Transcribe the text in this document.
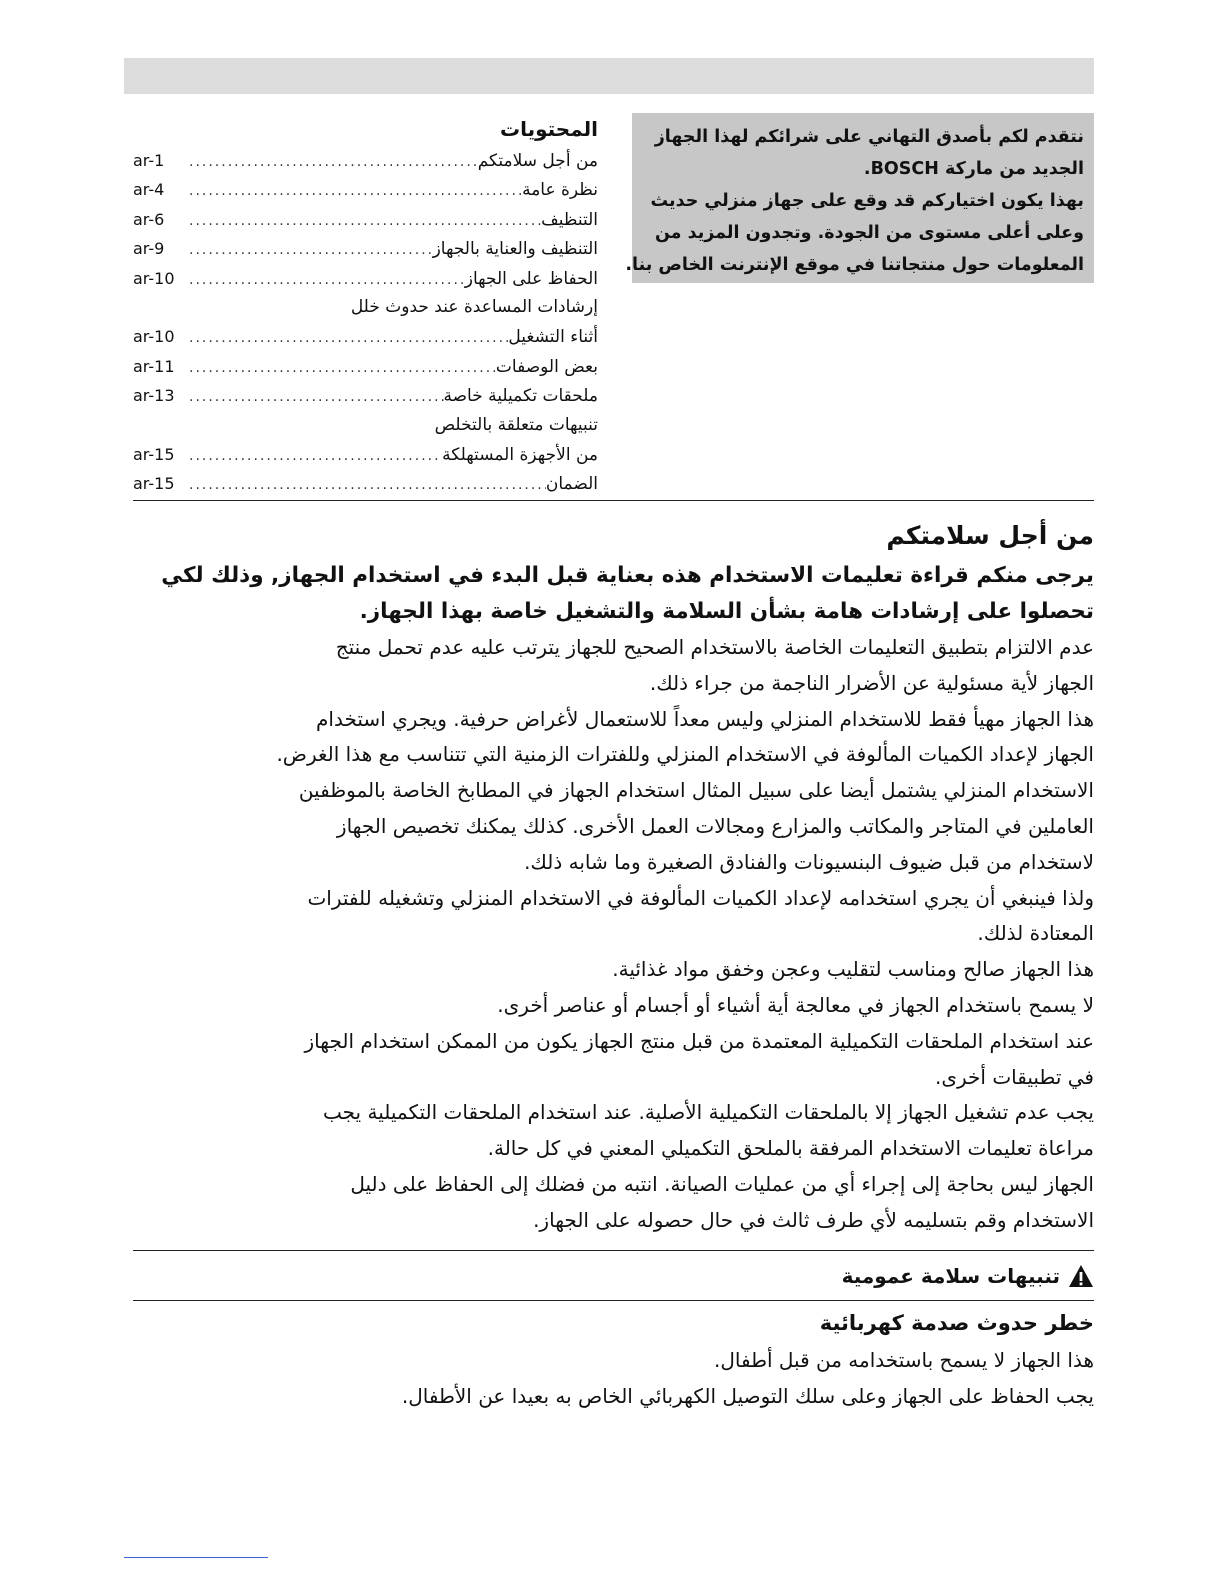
نتقدم لكم بأصدق التهاني على شرائكم لهذا الجهاز

الجديد من ماركة BOSCH.

بهذا يكون اختياركم قد وقع على جهاز منزلي حديث

وعلى أعلى مستوى من الجودة. وتجدون المزيد من

المعلومات حول منتجاتنا في موقع الإنترنت الخاص بنا.

المحتويات
ar-1 .....	من أجل سلامتكم
ar-4 .....	نظرة عامة
ar-6 .....	التنظيف
ar-9 .....	التنظيف والعناية بالجهاز
ar-10 .....	الحفاظ على الجهاز
إرشادات المساعدة عند حدوث خلل
ar-10 .....	أثناء التشغيل
ar-11 .....	بعض الوصفات
ar-13 .....	ملحقات تكميلية خاصة
تنبيهات متعلقة بالتخلص
ar-15 .....	من الأجهزة المستهلكة
ar-15 .....	الضمان
من أجل سلامتكم

يرجى منكم قراءة تعليمات الاستخدام هذه بعناية قبل البدء في استخدام الجهاز, وذلك لكي

تحصلوا على إرشادات هامة بشأن السلامة والتشغيل خاصة بهذا الجهاز.

عدم الالتزام بتطبيق التعليمات الخاصة بالاستخدام الصحيح للجهاز يترتب عليه عدم تحمل منتج

الجهاز لأية مسئولية عن الأضرار الناجمة من جراء ذلك.

هذا الجهاز مهيأ فقط للاستخدام المنزلي وليس معداً للاستعمال لأغراض حرفية. ويجري استخدام

الجهاز لإعداد الكميات المألوفة في الاستخدام المنزلي وللفترات الزمنية التي تتناسب مع هذا الغرض.

الاستخدام المنزلي يشتمل أيضا على سبيل المثال استخدام الجهاز في المطابخ الخاصة بالموظفين

العاملين في المتاجر والمكاتب والمزارع ومجالات العمل الأخرى. كذلك يمكنك تخصيص الجهاز

لاستخدام من قبل ضيوف البنسيونات والفنادق الصغيرة وما شابه ذلك.

ولذا فينبغي أن يجري استخدامه لإعداد الكميات المألوفة في الاستخدام المنزلي وتشغيله للفترات

المعتادة لذلك.

هذا الجهاز صالح ومناسب لتقليب وعجن وخفق مواد غذائية.

لا يسمح باستخدام الجهاز في معالجة أية أشياء أو أجسام أو عناصر أخرى.

عند استخدام الملحقات التكميلية المعتمدة من قبل منتج الجهاز يكون من الممكن استخدام الجهاز

في تطبيقات أخرى.

يجب عدم تشغيل الجهاز إلا بالملحقات التكميلية الأصلية. عند استخدام الملحقات التكميلية يجب

مراعاة تعليمات الاستخدام المرفقة بالملحق التكميلي المعني في كل حالة.

الجهاز ليس بحاجة إلى إجراء أي من عمليات الصيانة. انتبه من فضلك إلى الحفاظ على دليل

الاستخدام وقم بتسليمه لأي طرف ثالث في حال حصوله على الجهاز.

تنبيهات سلامة عمومية
خطر حدوث صدمة كهربائية

هذا الجهاز لا يسمح باستخدامه من قبل أطفال.

يجب الحفاظ على الجهاز وعلى سلك التوصيل الكهربائي الخاص به بعيدا عن الأطفال.
